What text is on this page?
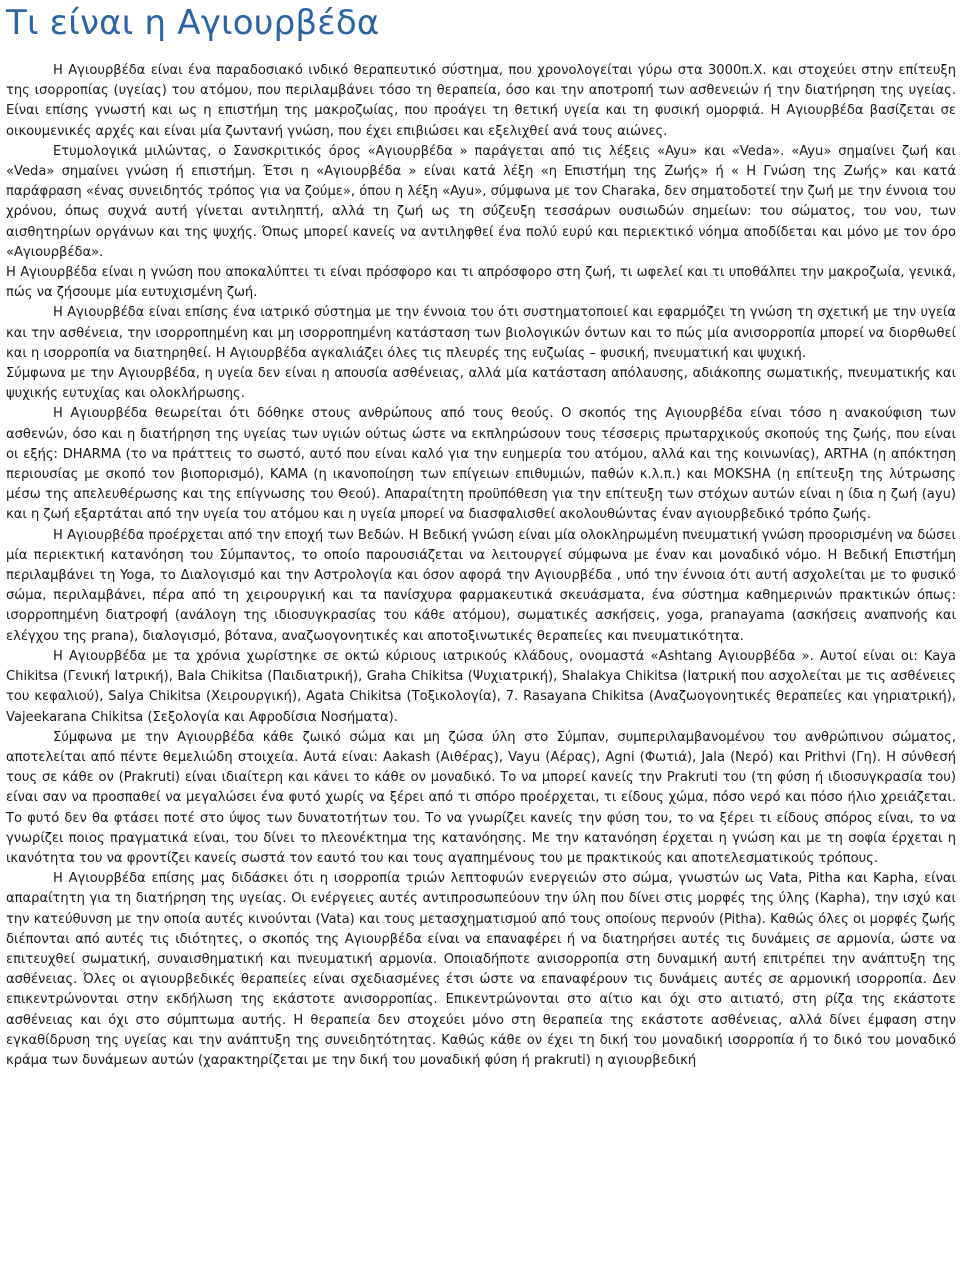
Τι είναι η Αγιουρβέδα

Η Αγιουρβέδα είναι ένα παραδοσιακό ινδικό θεραπευτικό σύστημα, που χρονολογείται γύρω στα 3000π.Χ. και στοχεύει στην επίτευξη της ισορροπίας (υγείας) του ατόμου, που περιλαμβάνει τόσο τη θεραπεία, όσο και την αποτροπή των ασθενειών ή την διατήρηση της υγείας. Είναι επίσης γνωστή και ως η επιστήμη της μακροζωίας, που προάγει τη θετική υγεία και τη φυσική ομορφιά. Η Αγιουρβέδα βασίζεται σε οικουμενικές αρχές και είναι μία ζωντανή γνώση, που έχει επιβιώσει και εξελιχθεί ανά τους αιώνες.

Ετυμολογικά μιλώντας, ο Σανσκριτικός όρος «Αγιουρβέδα » παράγεται από τις λέξεις «Ayu» και «Veda». «Ayu» σημαίνει ζωή και «Veda» σημαίνει γνώση ή επιστήμη. Έτσι η «Αγιουρβέδα » είναι κατά λέξη «η Επιστήμη της Ζωής» ή « Η Γνώση της Ζωής» και κατά παράφραση «ένας συνειδητός τρόπος για να ζούμε», όπου η λέξη «Ayu», σύμφωνα με τον Charaka, δεν σηματοδοτεί την ζωή με την έννοια του χρόνου, όπως συχνά αυτή γίνεται αντιληπτή, αλλά τη ζωή ως τη σύζευξη τεσσάρων ουσιωδών σημείων: του σώματος, του νου, των αισθητηρίων οργάνων και της ψυχής. Όπως μπορεί κανείς να αντιληφθεί ένα πολύ ευρύ και περιεκτικό νόημα αποδίδεται και μόνο με τον όρο «Αγιουρβέδα».

Η Αγιουρβέδα είναι η γνώση που αποκαλύπτει τι είναι πρόσφορο και τι απρόσφορο στη ζωή, τι ωφελεί και τι υποθάλπει την μακροζωία, γενικά, πώς να ζήσουμε μία ευτυχισμένη ζωή.

Η Αγιουρβέδα είναι επίσης ένα ιατρικό σύστημα με την έννοια του ότι συστηματοποιεί και εφαρμόζει τη γνώση τη σχετική με την υγεία και την ασθένεια, την ισορροπημένη και μη ισορροπημένη κατάσταση των βιολογικών όντων και το πώς μία ανισορροπία μπορεί να διορθωθεί και η ισορροπία να διατηρηθεί. Η Αγιουρβέδα αγκαλιάζει όλες τις πλευρές της ευζωίας – φυσική, πνευματική και ψυχική.

Σύμφωνα με την Αγιουρβέδα, η υγεία δεν είναι η απουσία ασθένειας, αλλά μία κατάσταση απόλαυσης, αδιάκοπης σωματικής, πνευματικής και ψυχικής ευτυχίας και ολοκλήρωσης.

Η Αγιουρβέδα θεωρείται ότι δόθηκε στους ανθρώπους από τους θεούς. Ο σκοπός της Αγιουρβέδα είναι τόσο η ανακούφιση των ασθενών, όσο και η διατήρηση της υγείας των υγιών ούτως ώστε να εκπληρώσουν τους τέσσερις πρωταρχικούς σκοπούς της ζωής, που είναι οι εξής: DHARMA (το να πράττεις το σωστό, αυτό που είναι καλό για την ευημερία του ατόμου, αλλά και της κοινωνίας), ARTHA (η απόκτηση περιουσίας με σκοπό τον βιοπορισμό), KAMA (η ικανοποίηση των επίγειων επιθυμιών, παθών κ.λ.π.) και MOKSHA (η επίτευξη της λύτρωσης μέσω της απελευθέρωσης και της επίγνωσης του Θεού). Απαραίτητη προϋπόθεση για την επίτευξη των στόχων αυτών είναι η ίδια η ζωή (ayu) και η ζωή εξαρτάται από την υγεία του ατόμου και η υγεία μπορεί να διασφαλισθεί ακολουθώντας έναν αγιουρβεδικό τρόπο ζωής.

Η Αγιουρβέδα προέρχεται από την εποχή των Βεδών. Η Βεδική γνώση είναι μία ολοκληρωμένη πνευματική γνώση προορισμένη να δώσει μία περιεκτική κατανόηση του Σύμπαντος, το οποίο παρουσιάζεται να λειτουργεί σύμφωνα με έναν και μοναδικό νόμο. Η Βεδική Επιστήμη περιλαμβάνει τη Yoga, το Διαλογισμό και την Αστρολογία και όσον αφορά την Αγιουρβέδα , υπό την έννοια ότι αυτή ασχολείται με το φυσικό σώμα, περιλαμβάνει, πέρα από τη χειρουργική και τα πανίσχυρα φαρμακευτικά σκευάσματα, ένα σύστημα καθημερινών πρακτικών όπως: ισορροπημένη διατροφή (ανάλογη της ιδιοσυγκρασίας του κάθε ατόμου), σωματικές ασκήσεις, yoga, pranayama (ασκήσεις αναπνοής και ελέγχου της prana), διαλογισμό, βότανα, αναζωογονητικές και αποτοξινωτικές θεραπείες και πνευματικότητα.

Η Αγιουρβέδα με τα χρόνια χωρίστηκε σε οκτώ κύριους ιατρικούς κλάδους, ονομαστά «Ashtang Αγιουρβέδα ». Αυτοί είναι οι: Kaya Chikitsa (Γενική Ιατρική), Bala Chikitsa (Παιδιατρική), Graha Chikitsa (Ψυχιατρική), Shalakya Chikitsa (Ιατρική που ασχολείται με τις ασθένειες του κεφαλιού), Salya Chikitsa (Χειρουργική), Agata Chikitsa (Τοξικολογία), 7. Rasayana Chikitsa (Αναζωογονητικές θεραπείες και γηριατρική), Vajeekarana Chikitsa (Σεξολογία και Αφροδίσια Νοσήματα).

Σύμφωνα με την Αγιουρβέδα κάθε ζωικό σώμα και μη ζώσα ύλη στο Σύμπαν, συμπεριλαμβανομένου του ανθρώπινου σώματος, αποτελείται από πέντε θεμελιώδη στοιχεία. Αυτά είναι: Aakash (Αιθέρας), Vayu (Αέρας), Agni (Φωτιά), Jala (Νερό) και Prithvi (Γη). Η σύνθεσή τους σε κάθε ον (Prakruti) είναι ιδιαίτερη και κάνει το κάθε ον μοναδικό. Το να μπορεί κανείς την Prakruti του (τη φύση ή ιδιοσυγκρασία του) είναι σαν να προσπαθεί να μεγαλώσει ένα φυτό χωρίς να ξέρει από τι σπόρο προέρχεται, τι είδους χώμα, πόσο νερό και πόσο ήλιο χρειάζεται. Το φυτό δεν θα φτάσει ποτέ στο ύψος των δυνατοτήτων του. Το να γνωρίζει κανείς την φύση του, το να ξέρει τι είδους σπόρος είναι, το να γνωρίζει ποιος πραγματικά είναι, του δίνει το πλεονέκτημα της κατανόησης. Με την κατανόηση έρχεται η γνώση και με τη σοφία έρχεται η ικανότητα του να φροντίζει κανείς σωστά τον εαυτό του και τους αγαπημένους του με πρακτικούς και αποτελεσματικούς τρόπους.

Η Αγιουρβέδα επίσης μας διδάσκει ότι η ισορροπία τριών λεπτοφυών ενεργειών στο σώμα, γνωστών ως Vata, Pitha και Kapha, είναι απαραίτητη για τη διατήρηση της υγείας. Οι ενέργειες αυτές αντιπροσωπεύουν την ύλη που δίνει στις μορφές της ύλης (Kapha), την ισχύ και την κατεύθυνση με την οποία αυτές κινούνται (Vata) και τους μετασχηματισμού από τους οποίους περνούν (Pitha). Καθώς όλες οι μορφές ζωής διέπονται από αυτές τις ιδιότητες, ο σκοπός της Αγιουρβέδα είναι να επαναφέρει ή να διατηρήσει αυτές τις δυνάμεις σε αρμονία, ώστε να επιτευχθεί σωματική, συναισθηματική και πνευματική αρμονία. Οποιαδήποτε ανισορροπία στη δυναμική αυτή επιτρέπει την ανάπτυξη της ασθένειας. Όλες οι αγιουρβεδικές θεραπείες είναι σχεδιασμένες έτσι ώστε να επαναφέρουν τις δυνάμεις αυτές σε αρμονική ισορροπία. Δεν επικεντρώνονται στην εκδήλωση της εκάστοτε ανισορροπίας. Επικεντρώνονται στο αίτιο και όχι στο αιτιατό, στη ρίζα της εκάστοτε ασθένειας και όχι στο σύμπτωμα αυτής. Η θεραπεία δεν στοχεύει μόνο στη θεραπεία της εκάστοτε ασθένειας, αλλά δίνει έμφαση στην εγκαθίδρυση της υγείας και την ανάπτυξη της συνειδητότητας. Καθώς κάθε ον έχει τη δική του μοναδική ισορροπία ή το δικό του μοναδικό κράμα των δυνάμεων αυτών (χαρακτηρίζεται με την δική του μοναδική φύση ή prakruti) η αγιουρβεδική
